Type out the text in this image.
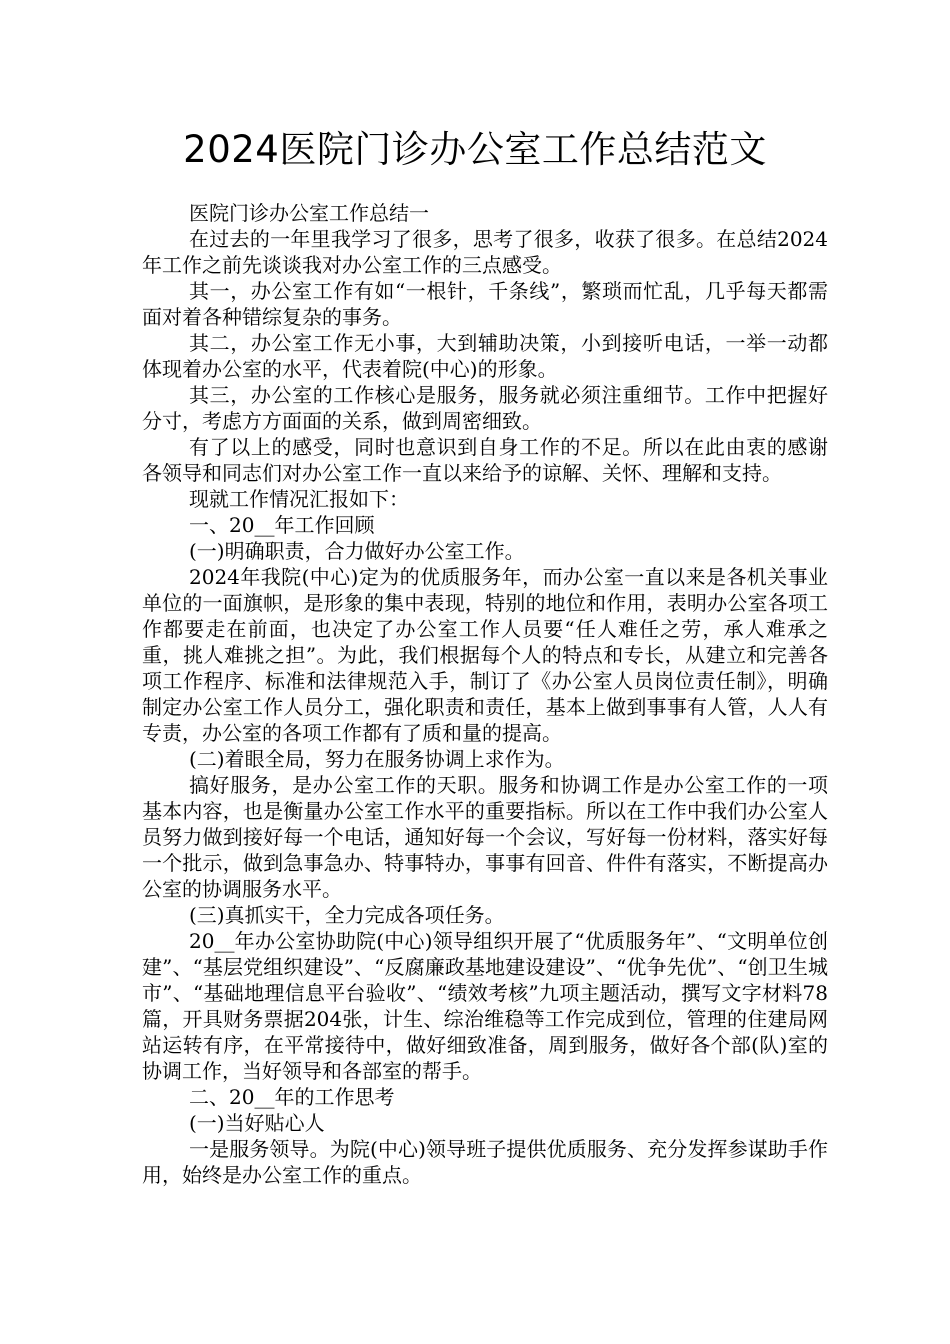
2024医院门诊办公室工作总结范文

医院门诊办公室工作总结一

在过去的一年里我学习了很多，思考了很多，收获了很多。在总结2024年工作之前先谈谈我对办公室工作的三点感受。

其一，办公室工作有如“一根针，千条线”，繁琐而忙乱，几乎每天都需面对着各种错综复杂的事务。

其二，办公室工作无小事，大到辅助决策，小到接听电话，一举一动都体现着办公室的水平，代表着院(中心)的形象。

其三，办公室的工作核心是服务，服务就必须注重细节。工作中把握好分寸，考虑方方面面的关系，做到周密细致。

有了以上的感受，同时也意识到自身工作的不足。所以在此由衷的感谢各领导和同志们对办公室工作一直以来给予的谅解、关怀、理解和支持。

现就工作情况汇报如下：

一、20__年工作回顾

(一)明确职责，合力做好办公室工作。

2024年我院(中心)定为的优质服务年，而办公室一直以来是各机关事业单位的一面旗帜，是形象的集中表现，特别的地位和作用，表明办公室各项工作都要走在前面，也决定了办公室工作人员要“任人难任之劳，承人难承之重，挑人难挑之担”。为此，我们根据每个人的特点和专长，从建立和完善各项工作程序、标准和法律规范入手，制订了《办公室人员岗位责任制》，明确制定办公室工作人员分工，强化职责和责任，基本上做到事事有人管，人人有专责，办公室的各项工作都有了质和量的提高。

(二)着眼全局，努力在服务协调上求作为。

搞好服务，是办公室工作的天职。服务和协调工作是办公室工作的一项基本内容，也是衡量办公室工作水平的重要指标。所以在工作中我们办公室人员努力做到接好每一个电话，通知好每一个会议，写好每一份材料，落实好每一个批示，做到急事急办、特事特办，事事有回音、件件有落实，不断提高办公室的协调服务水平。

(三)真抓实干，全力完成各项任务。

20__年办公室协助院(中心)领导组织开展了“优质服务年”、“文明单位创建”、“基层党组织建设”、“反腐廉政基地建设建设”、“优争先优”、“创卫生城市”、“基础地理信息平台验收”、“绩效考核”九项主题活动，撰写文字材料78篇，开具财务票据204张，计生、综治维稳等工作完成到位，管理的住建局网站运转有序，在平常接待中，做好细致准备，周到服务，做好各个部(队)室的协调工作，当好领导和各部室的帮手。

二、20__年的工作思考

(一)当好贴心人

一是服务领导。为院(中心)领导班子提供优质服务、充分发挥参谋助手作用，始终是办公室工作的重点。
